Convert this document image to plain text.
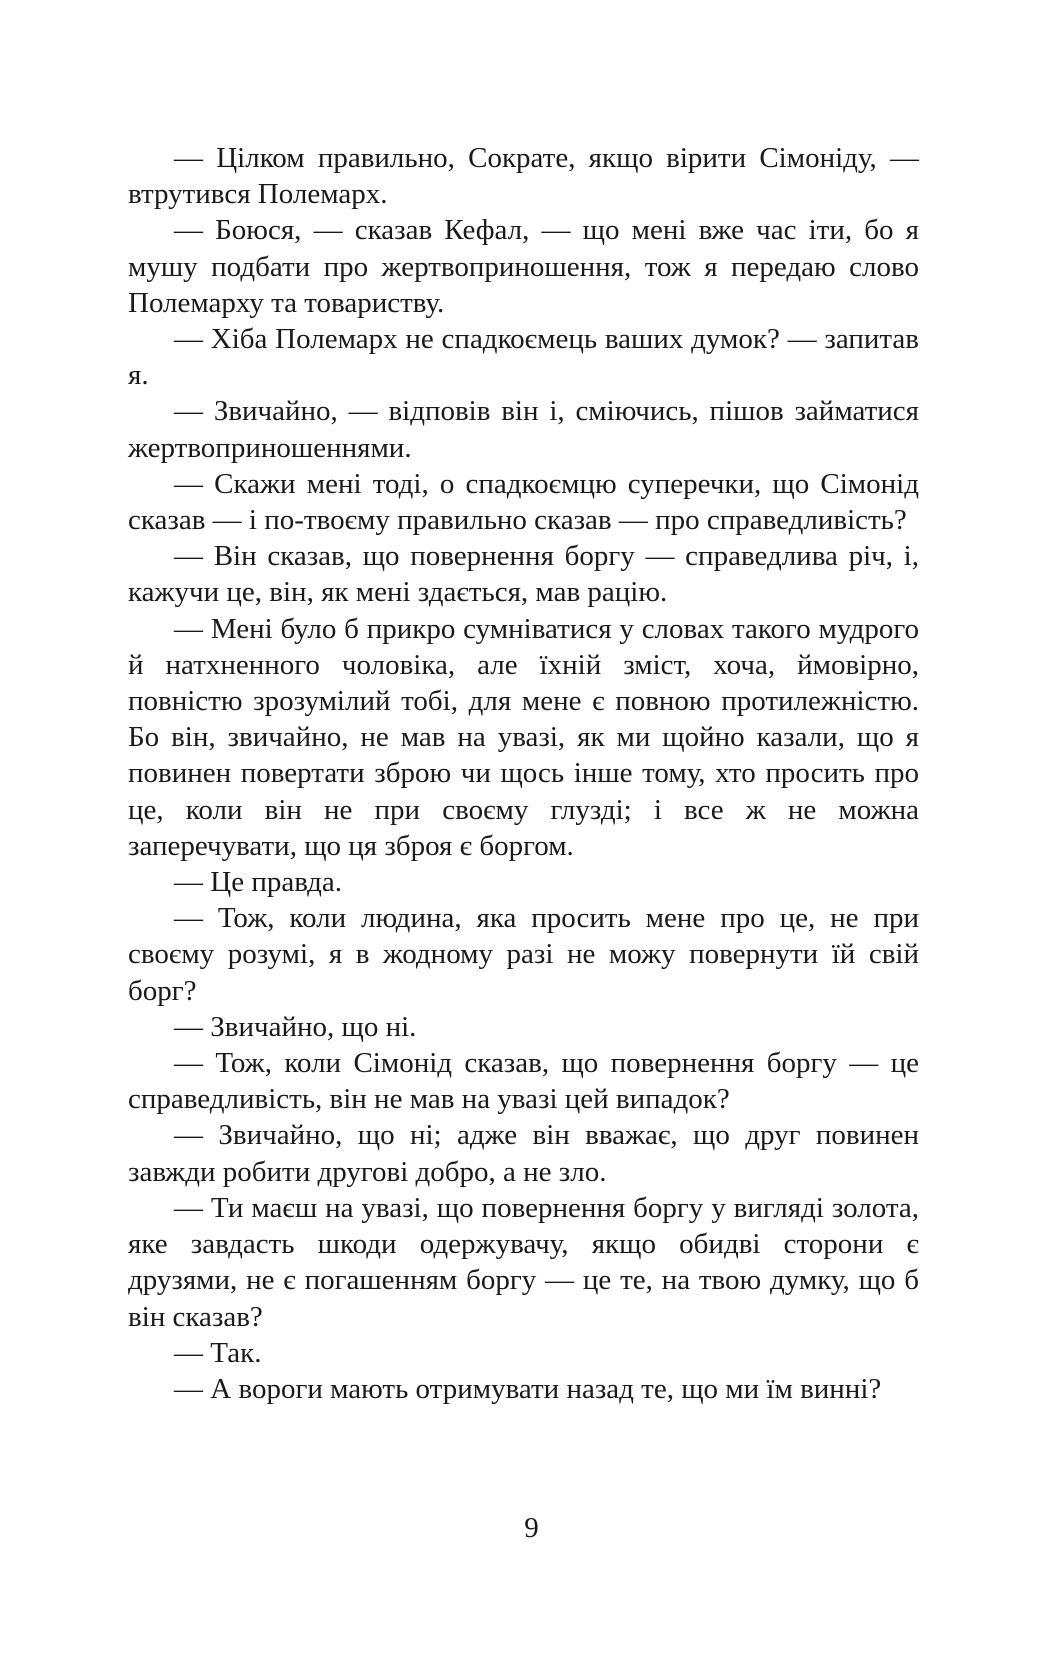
— Цілком правильно, Сократе, якщо вірити Сімоніду, — втрутився Полемарх.

— Боюся, — сказав Кефал, — що мені вже час іти, бо я мушу подбати про жертвоприношення, тож я передаю слово Полемарху та товариству.

— Хіба Полемарх не спадкоємець ваших думок? — запитав я.

— Звичайно, — відповів він і, сміючись, пішов займатися жертвоприношеннями.

— Скажи мені тоді, о спадкоємцю суперечки, що Сімонід сказав — і по-твоєму правильно сказав — про справедливість?

— Він сказав, що повернення боргу — справедлива річ, і, кажучи це, він, як мені здається, мав рацію.

— Мені було б прикро сумніватися у словах такого мудрого й натхненного чоловіка, але їхній зміст, хоча, ймовірно, повністю зрозумілий тобі, для мене є повною протилежністю. Бо він, звичайно, не мав на увазі, як ми щойно казали, що я повинен повертати зброю чи щось інше тому, хто просить про це, коли він не при своєму глузді; і все ж не можна заперечувати, що ця зброя є боргом.

— Це правда.

— Тож, коли людина, яка просить мене про це, не при своєму розумі, я в жодному разі не можу повернути їй свій борг?

— Звичайно, що ні.

— Тож, коли Сімонід сказав, що повернення боргу — це справедливість, він не мав на увазі цей випадок?

— Звичайно, що ні; адже він вважає, що друг повинен завжди робити другові добро, а не зло.

— Ти маєш на увазі, що повернення боргу у вигляді золота, яке завдасть шкоди одержувачу, якщо обидві сторони є друзями, не є погашенням боргу — це те, на твою думку, що б він сказав?

— Так.

— А вороги мають отримувати назад те, що ми їм винні?

9
